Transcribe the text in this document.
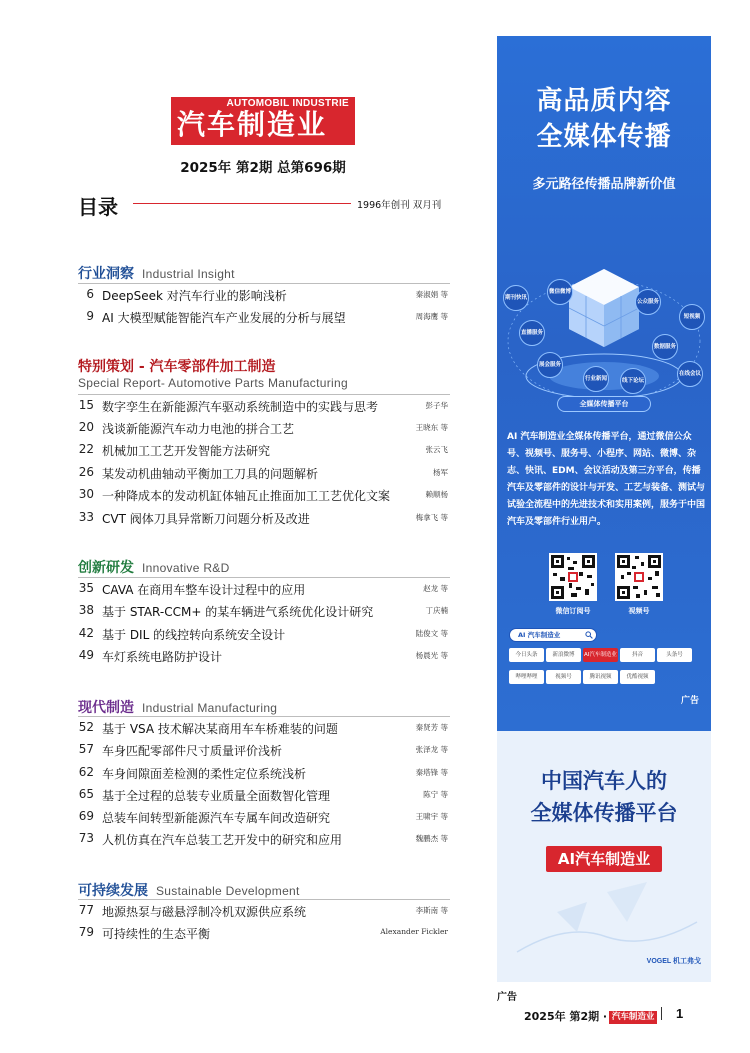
AUTOMOBIL INDUSTRIE
汽车制造业
2025年 第2期 总第696期
目录	1996年创刊 双月刊
行业洞察 Industrial Insight
6 DeepSeek 对汽车行业的影响浅析	秦淑娟 等
9 AI 大模型赋能智能汽车产业发展的分析与展望	周海鹰 等
特别策划 - 汽车零部件加工制造
Special Report- Automotive Parts Manufacturing
15 数字孪生在新能源汽车驱动系统制造中的实践与思考	彭子华
20 浅谈新能源汽车动力电池的拼合工艺	王晓东 等
22 机械加工工艺开发智能方法研究	张云飞
26 某发动机曲轴动平衡加工刀具的问题解析	杨军
30 一种降成本的发动机缸体轴瓦止推面加工工艺优化文案	赖顺杨
33 CVT 阀体刀具异常断刀问题分析及改进	梅拿飞 等
创新研发 Innovative R&D
35 CAVA 在商用车整车设计过程中的应用	赵龙 等
38 基于 STAR-CCM+ 的某车辆进气系统优化设计研究	丁庆楠
42 基于 DIL 的线控转向系统安全设计	陆俊文 等
49 车灯系统电路防护设计	杨晨光 等
现代制造 Industrial Manufacturing
52 基于 VSA 技术解决某商用车车桥难装的问题	秦贤芳 等
57 车身匹配零部件尺寸质量评价浅析	张泽龙 等
62 车身间隙面差检测的柔性定位系统浅析	秦塔锋 等
65 基于全过程的总装专业质量全面数智化管理	陈宁 等
69 总装车间转型新能源汽车专属车间改造研究	王啸宇 等
73 人机仿真在汽车总装工艺开发中的研究和应用	魏鹏杰 等
可持续发展 Sustainable Development
77 地源热泵与磁悬浮制冷机双源供应系统	李斯南 等
79 可持续性的生态平衡	Alexander Fickler
高品质内容
全媒体传播
多元路径传播品牌新价值
期刊快讯
微信微博
公众服务
短视频
直播服务
数据服务
展会服务
行业新闻	线下论坛
在线会议
全媒体传播平台
AI 汽车制造业全媒体传播平台，通过微信公众号、视频号、服务号、小程序、网站、微博、杂志、快讯、EDM、会议活动及第三方平台，传播汽车及零部件的设计与开发、工艺与装备、测试与试验全流程中的先进技术和实用案例，服务于中国汽车及零部件行业用户。
微信订阅号	视频号
AI 汽车制造业
今日头条	新浪微博 AI汽车制造业	抖音	头条号哔哩哔哩	视频号	腾讯视频	优酷视频
广告
中国汽车人的
全媒体传播平台
AI汽车制造业
VOGEL 机工弗戈
广告
2025年 第2期 · 汽车制造业 1
